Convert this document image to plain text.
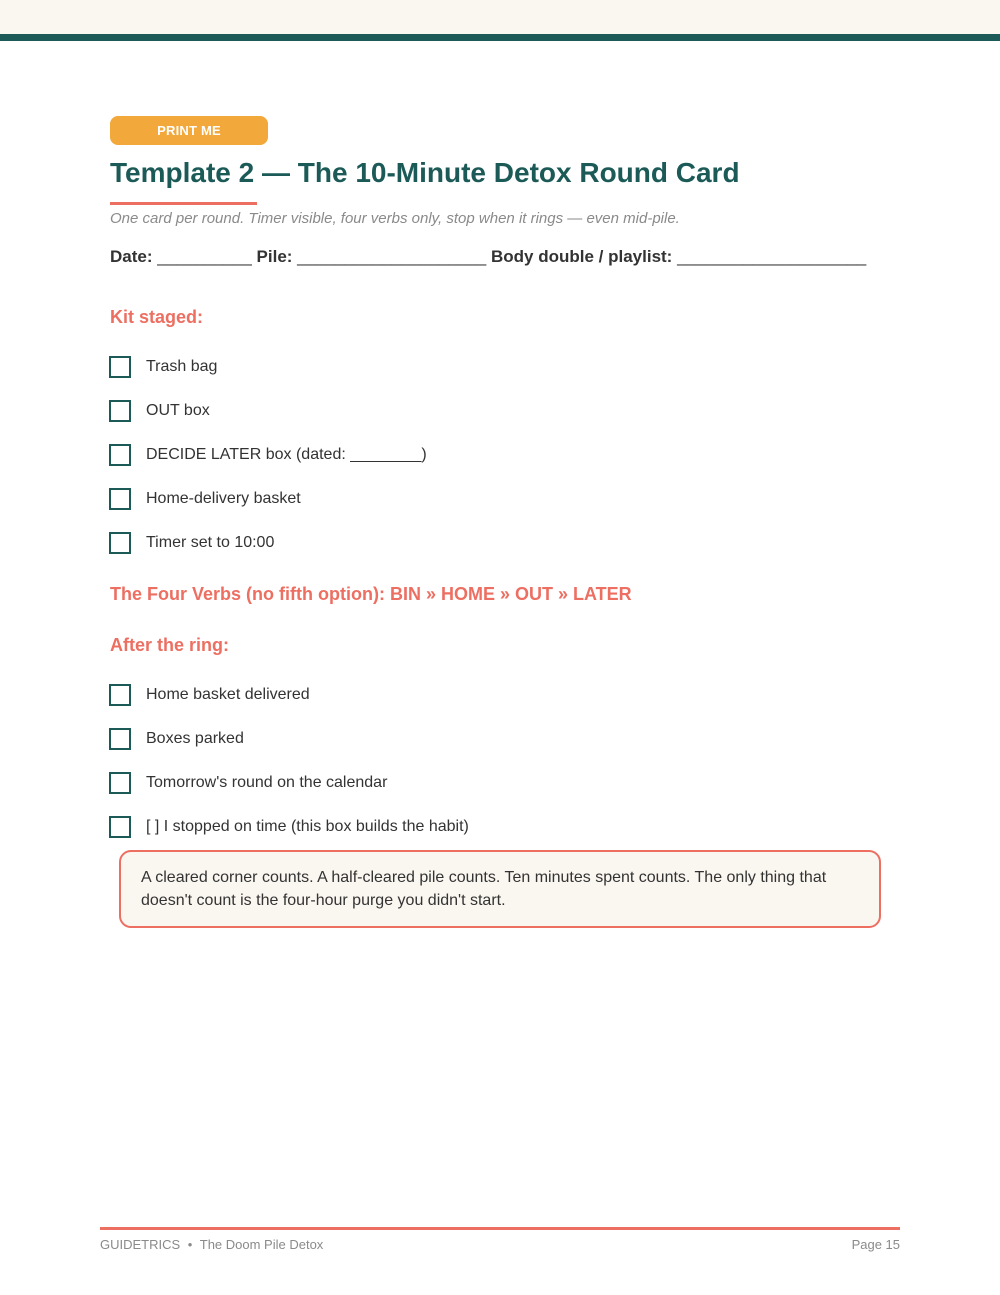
PRINT ME
Template 2 — The 10-Minute Detox Round Card
One card per round. Timer visible, four verbs only, stop when it rings — even mid-pile.
Date: __________ Pile: ____________________ Body double / playlist: ____________________
Kit staged:
Trash bag
OUT box
DECIDE LATER box (dated: ________)
Home-delivery basket
Timer set to 10:00
The Four Verbs (no fifth option): BIN » HOME » OUT » LATER
After the ring:
Home basket delivered
Boxes parked
Tomorrow's round on the calendar
[ ] I stopped on time (this box builds the habit)
A cleared corner counts. A half-cleared pile counts. Ten minutes spent counts. The only thing that doesn't count is the four-hour purge you didn't start.
GUIDETRICS • The Doom Pile Detox	Page 15
